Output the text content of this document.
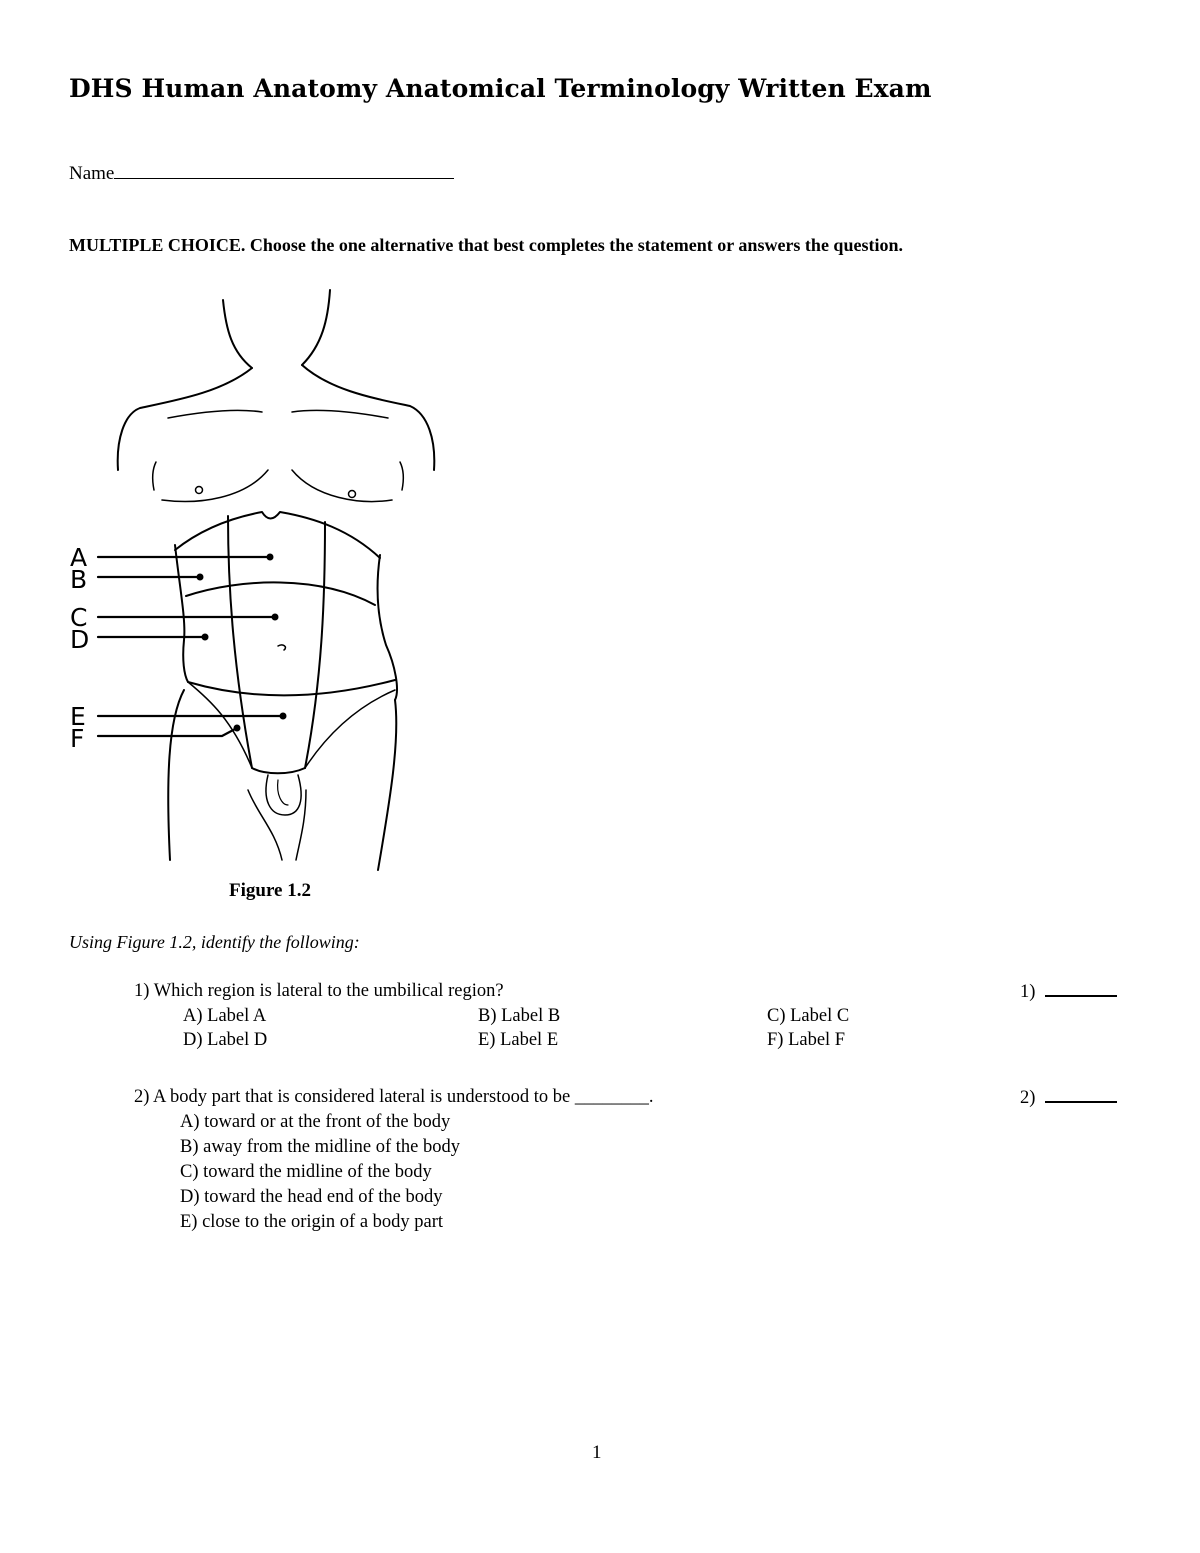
DHS Human Anatomy Anatomical Terminology Written Exam
Name
MULTIPLE CHOICE. Choose the one alternative that best completes the statement or answers the question.
A
B
C
D
E
F
Figure 1.2
Using Figure 1.2, identify the following:
1) Which region is lateral to the umbilical region?	1)
A) Label A	B) Label B	C) Label C
D) Label D	E) Label E	F) Label F
2) A body part that is considered lateral is understood to be ________.	2)
A) toward or at the front of the body
B) away from the midline of the body
C) toward the midline of the body
D) toward the head end of the body
E) close to the origin of a body part
1
